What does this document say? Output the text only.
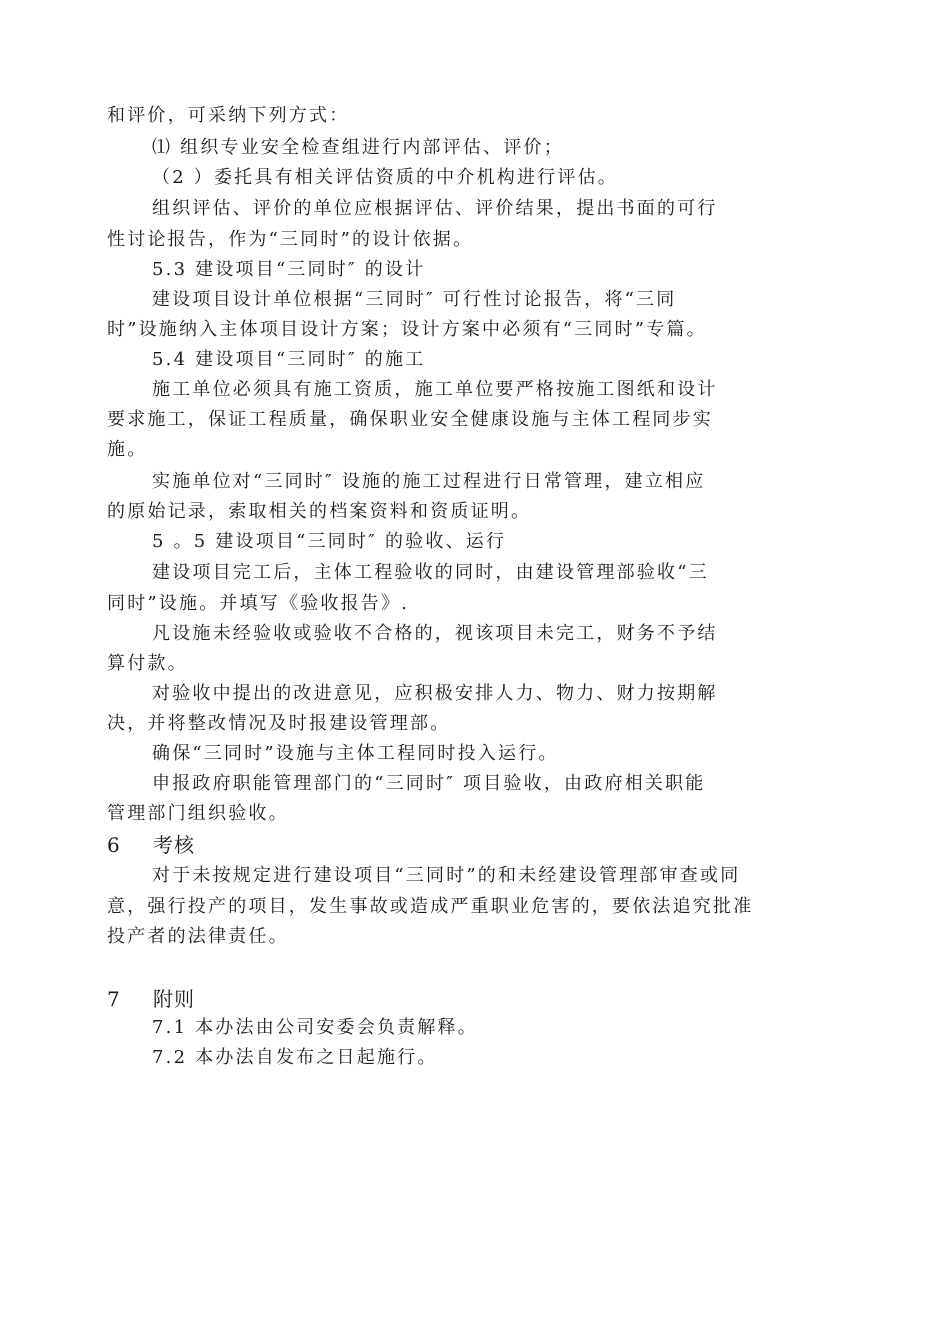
和评价，可采纳下列方式：
⑴ 组织专业安全检查组进行内部评估、评价；
（2 ）委托具有相关评估资质的中介机构进行评估。
组织评估、评价的单位应根据评估、评价结果，提出书面的可行
性讨论报告，作为“三同时”的设计依据。
5.3 建设项目“三同时″ 的设计
建设项目设计单位根据“三同时″ 可行性讨论报告，将“三同
时”设施纳入主体项目设计方案；设计方案中必须有“三同时”专篇。
5.4 建设项目“三同时″ 的施工
施工单位必须具有施工资质，施工单位要严格按施工图纸和设计
要求施工，保证工程质量，确保职业安全健康设施与主体工程同步实
施。
实施单位对“三同时″ 设施的施工过程进行日常管理，建立相应
的原始记录，索取相关的档案资料和资质证明。
5 。5 建设项目“三同时″ 的验收、运行
建设项目完工后，主体工程验收的同时，由建设管理部验收“三
同时”设施。并填写《验收报告》.
凡设施未经验收或验收不合格的，视该项目未完工，财务不予结
算付款。
对验收中提出的改进意见，应积极安排人力、物力、财力按期解
决，并将整改情况及时报建设管理部。
确保“三同时”设施与主体工程同时投入运行。
申报政府职能管理部门的“三同时″ 项目验收，由政府相关职能
管理部门组织验收。
6 考核
对于未按规定进行建设项目“三同时”的和未经建设管理部审查或同
意，强行投产的项目，发生事故或造成严重职业危害的，要依法追究批准
投产者的法律责任。
7 附则
7.1 本办法由公司安委会负责解释。
7.2 本办法自发布之日起施行。
